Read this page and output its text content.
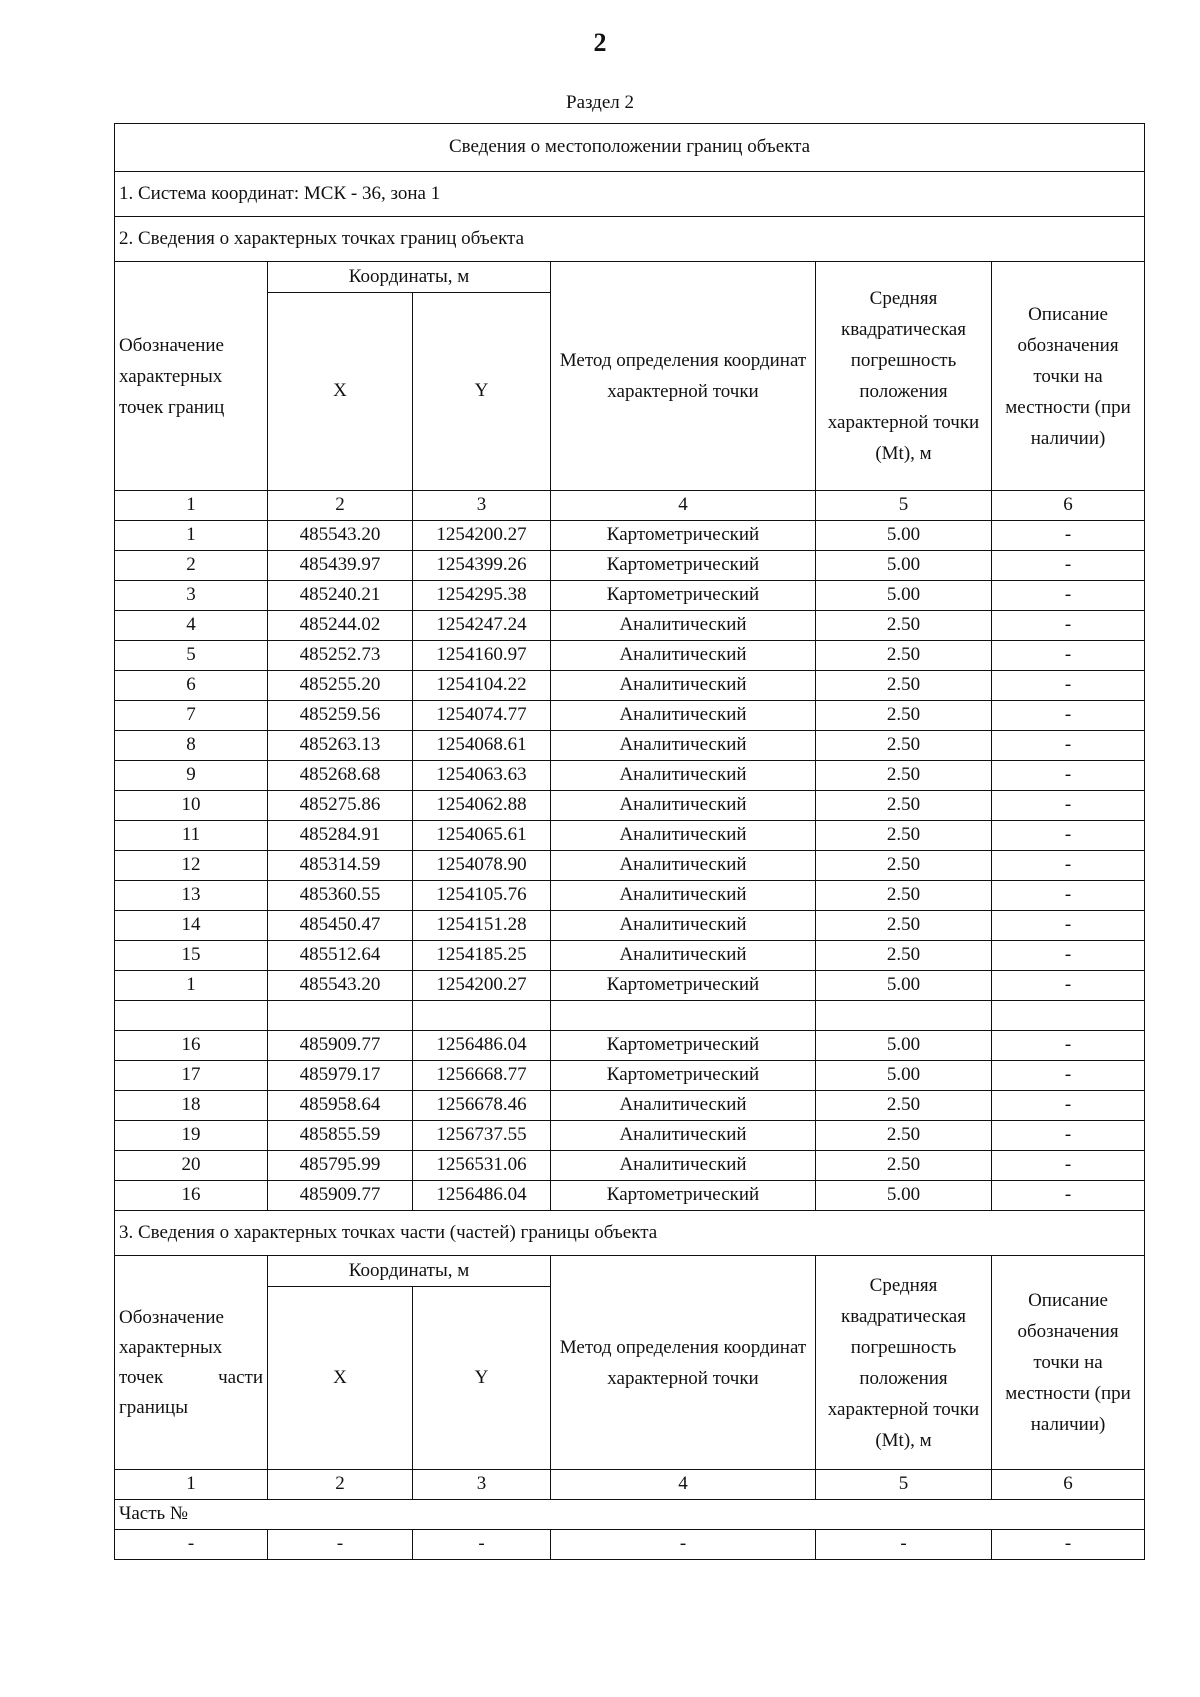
2
Раздел 2
Сведения о местоположении границ объекта					
1. Система координат: МСК - 36, зона 1					
2. Сведения о характерных точках границ объекта					
Обозначение характерных точек границ	Координаты, м		Метод определения координат характерной точки	Средняя квадратическая погрешность положения характерной точки (Mt), м	Описание обозначения точки на местности (при наличии)
	X	Y			
1	2	3	4	5	6
1	485543.20	1254200.27	Картометрический	5.00	-
2	485439.97	1254399.26	Картометрический	5.00	-
3	485240.21	1254295.38	Картометрический	5.00	-
4	485244.02	1254247.24	Аналитический	2.50	-
5	485252.73	1254160.97	Аналитический	2.50	-
6	485255.20	1254104.22	Аналитический	2.50	-
7	485259.56	1254074.77	Аналитический	2.50	-
8	485263.13	1254068.61	Аналитический	2.50	-
9	485268.68	1254063.63	Аналитический	2.50	-
10	485275.86	1254062.88	Аналитический	2.50	-
11	485284.91	1254065.61	Аналитический	2.50	-
12	485314.59	1254078.90	Аналитический	2.50	-
13	485360.55	1254105.76	Аналитический	2.50	-
14	485450.47	1254151.28	Аналитический	2.50	-
15	485512.64	1254185.25	Аналитический	2.50	-
1	485543.20	1254200.27	Картометрический	5.00	-

16	485909.77	1256486.04	Картометрический	5.00	-
17	485979.17	1256668.77	Картометрический	5.00	-
18	485958.64	1256678.46	Аналитический	2.50	-
19	485855.59	1256737.55	Аналитический	2.50	-
20	485795.99	1256531.06	Аналитический	2.50	-
16	485909.77	1256486.04	Картометрический	5.00	-
3. Сведения о характерных точках части (частей) границы объекта					

Обозначение
характерных
точек части
границы	Координаты, м		Метод определения координат характерной точки	Средняя квадратическая погрешность положения характерной точки (Mt), м	Описание обозначения точки на местности (при наличии)
	X	Y			
1	2	3	4	5	6
Часть №					
-	-	-	-	-	-
